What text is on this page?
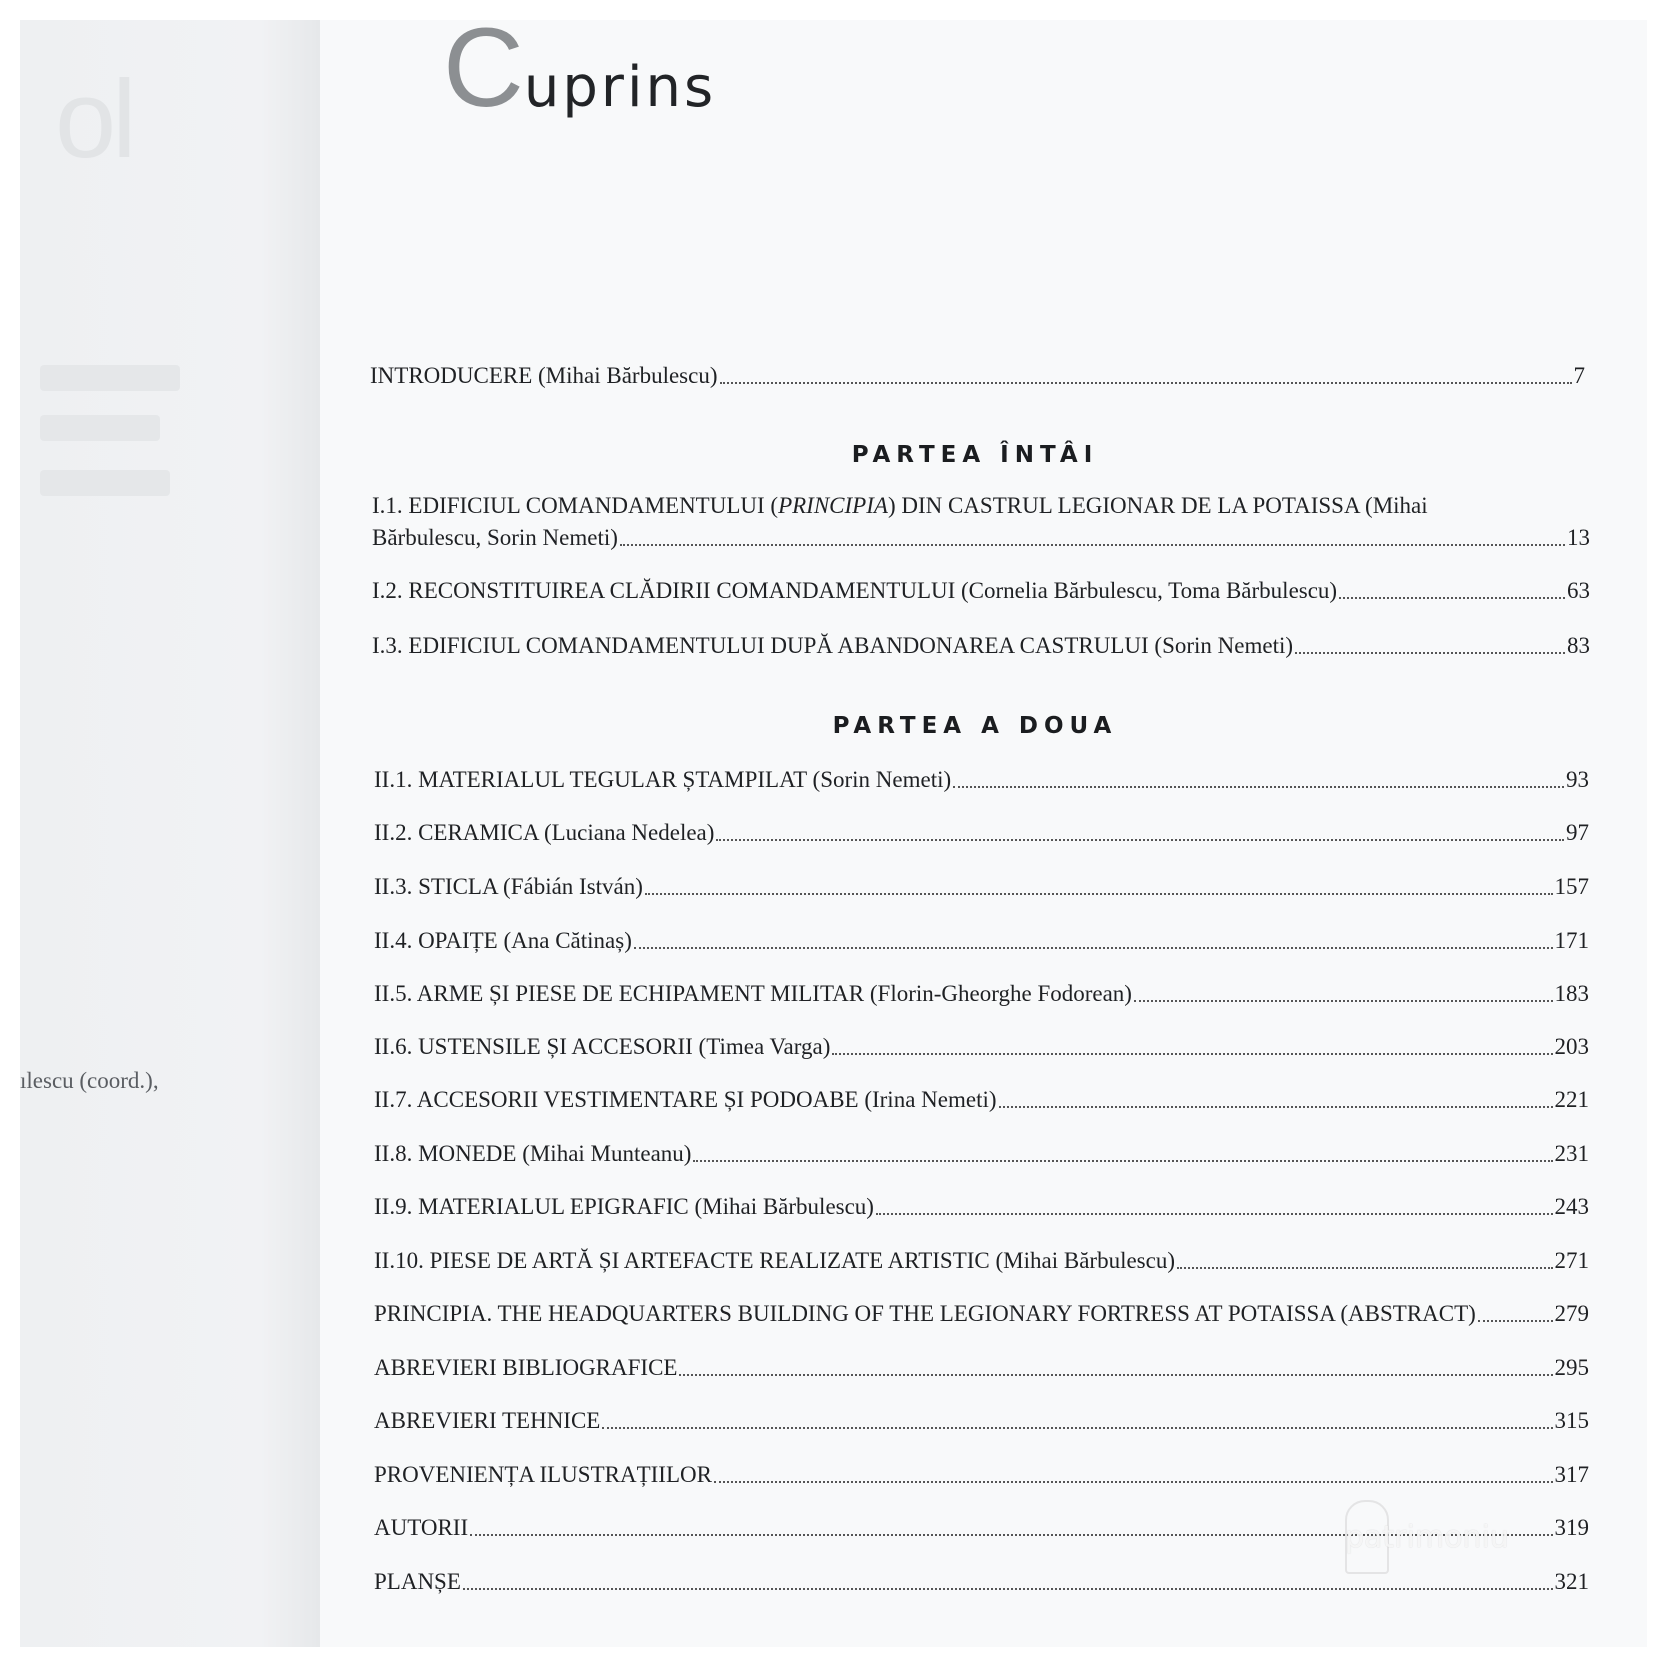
ol
ılescu (coord.),
Cuprins
INTRODUCERE (Mihai Bărbulescu)	7
PARTEA ÎNTÂI
I.1. EDIFICIUL COMANDAMENTULUI (PRINCIPIA) DIN CASTRUL LEGIONAR DE LA POTAISSA (Mihai
Bărbulescu, Sorin Nemeti)	13
I.2. RECONSTITUIREA CLĂDIRII COMANDAMENTULUI (Cornelia Bărbulescu, Toma Bărbulescu)	63
I.3. EDIFICIUL COMANDAMENTULUI DUPĂ ABANDONAREA CASTRULUI (Sorin Nemeti)	83
PARTEA A DOUA
II.1. MATERIALUL TEGULAR ȘTAMPILAT (Sorin Nemeti)	93
II.2. CERAMICA (Luciana Nedelea)	97
II.3. STICLA (Fábián István)	157
II.4. OPAIȚE (Ana Cătinaș)	171
II.5. ARME ȘI PIESE DE ECHIPAMENT MILITAR (Florin-Gheorghe Fodorean)	183
II.6. USTENSILE ȘI ACCESORII (Timea Varga)	203
II.7. ACCESORII VESTIMENTARE ȘI PODOABE (Irina Nemeti)	221
II.8. MONEDE (Mihai Munteanu)	231
II.9. MATERIALUL EPIGRAFIC (Mihai Bărbulescu)	243
II.10. PIESE DE ARTĂ ȘI ARTEFACTE REALIZATE ARTISTIC (Mihai Bărbulescu)	271
PRINCIPIA. THE HEADQUARTERS BUILDING OF THE LEGIONARY FORTRESS AT POTAISSA (ABSTRACT)	279
ABREVIERI BIBLIOGRAFICE	295
ABREVIERI TEHNICE	315
PROVENIENȚA ILUSTRAȚIILOR	317
AUTORII	319
PLANȘE	321
patrimoniu
